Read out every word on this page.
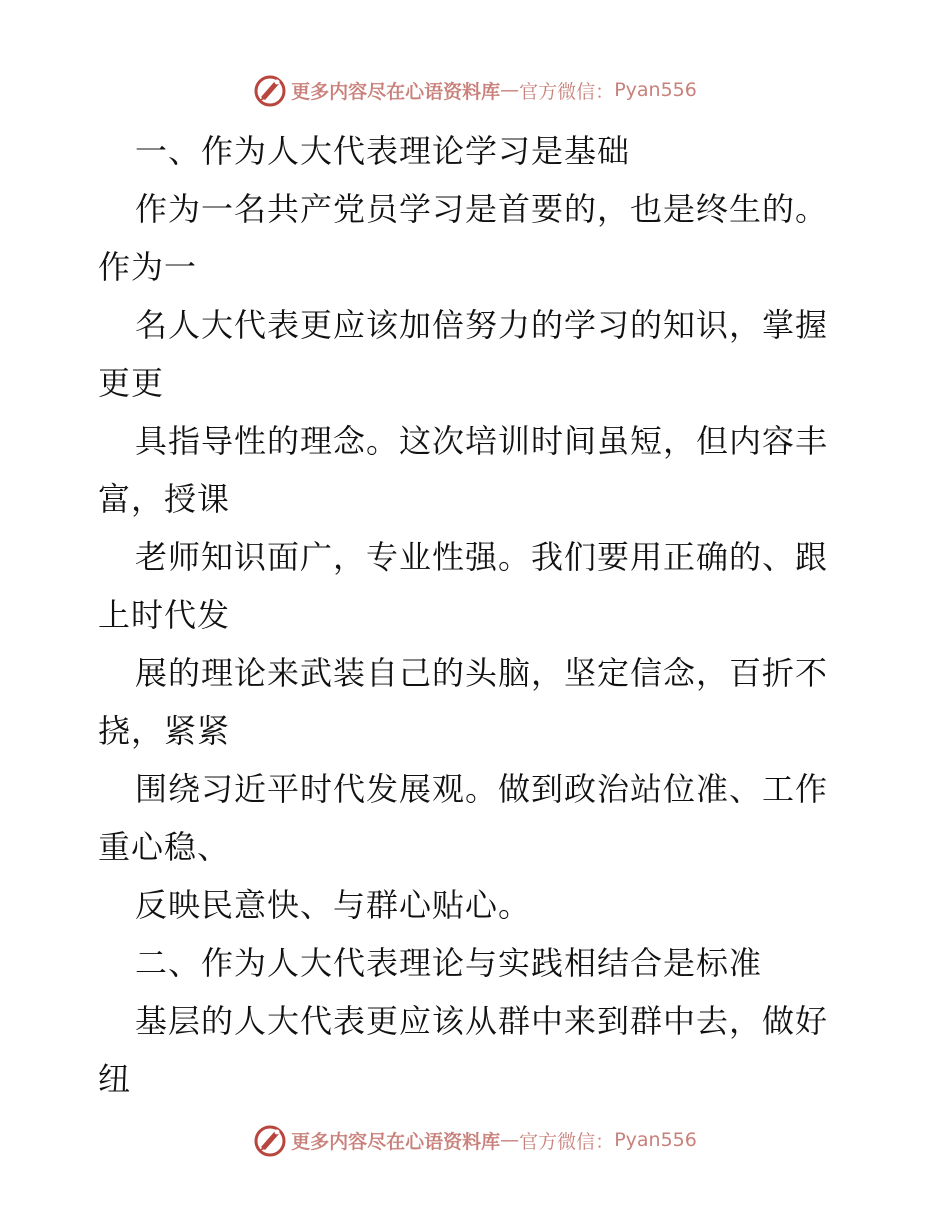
更多内容尽在心语资料库 — 官方微信： Pyan556
一、作为人大代表理论学习是基础
作为一名共产党员学习是首要的，也是终生的。
作为一
名人大代表更应该加倍努力的学习的知识，掌握
更更
具指导性的理念。这次培训时间虽短，但内容丰
富，授课
老师知识面广，专业性强。我们要用正确的、跟
上时代发
展的理论来武装自己的头脑，坚定信念，百折不
挠，紧紧
围绕习近平时代发展观。做到政治站位准、工作
重心稳、
反映民意快、与群心贴心。
二、作为人大代表理论与实践相结合是标准
基层的人大代表更应该从群中来到群中去，做好
纽
更多内容尽在心语资料库 — 官方微信： Pyan556
